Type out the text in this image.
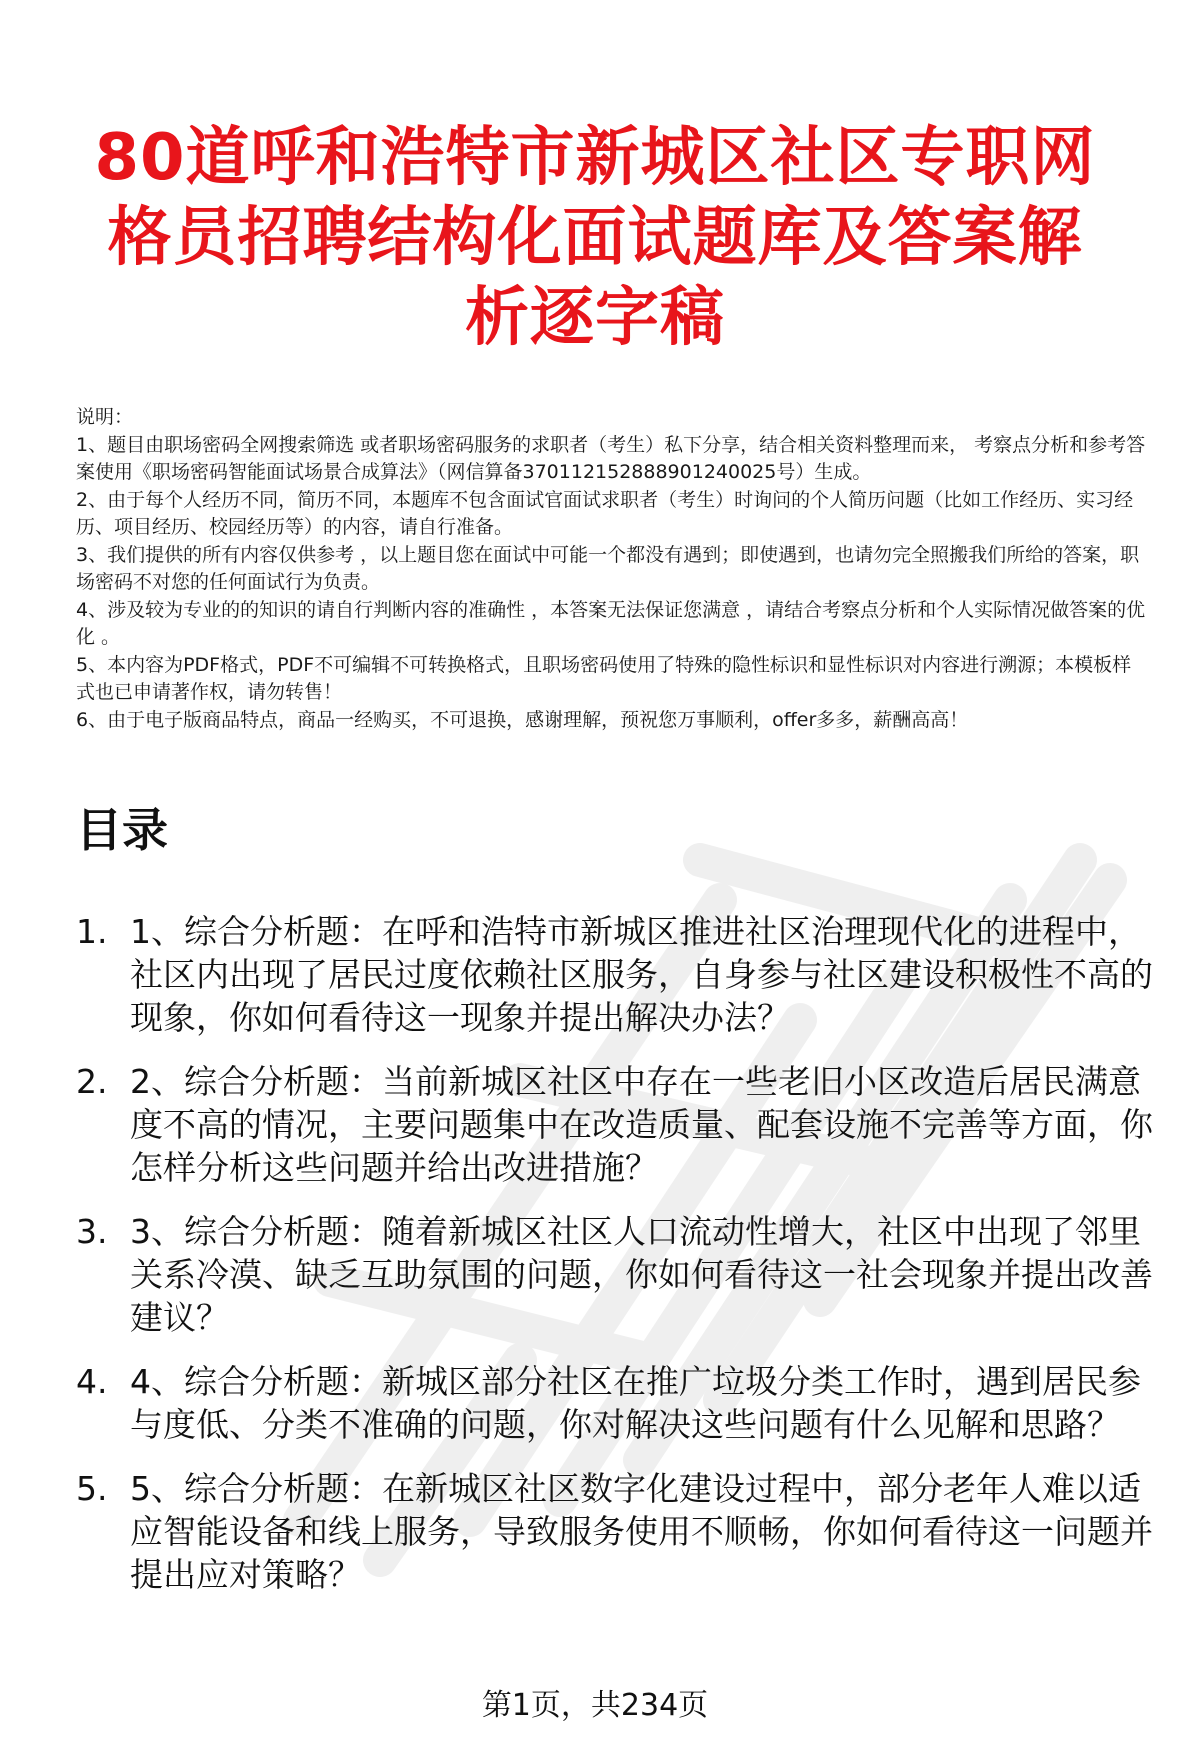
80道呼和浩特市新城区社区专职网格员招聘结构化面试题库及答案解析逐字稿

说明：

1、题目由职场密码全网搜索筛选 或者职场密码服务的求职者（考生）私下分享，结合相关资料整理而来， 考察点分析和参考答案使用《职场密码智能面试场景合成算法》（网信算备370112152888901240025号）生成。

2、由于每个人经历不同，简历不同，本题库不包含面试官面试求职者（考生）时询问的个人简历问题（比如工作经历、实习经历、项目经历、校园经历等）的内容，请自行准备。

3、我们提供的所有内容仅供参考 ，以上题目您在面试中可能一个都没有遇到；即使遇到，也请勿完全照搬我们所给的答案，职场密码不对您的任何面试行为负责。

4、涉及较为专业的的知识的请自行判断内容的准确性 ，本答案无法保证您满意 ，请结合考察点分析和个人实际情况做答案的优化 。

5、本内容为PDF格式，PDF不可编辑不可转换格式，且职场密码使用了特殊的隐性标识和显性标识对内容进行溯源；本模板样式也已申请著作权，请勿转售！

6、由于电子版商品特点，商品一经购买，不可退换，感谢理解，预祝您万事顺利，offer多多，薪酬高高！

目录
1. 1、综合分析题：在呼和浩特市新城区推进社区治理现代化的进程中，社区内出现了居民过度依赖社区服务，自身参与社区建设积极性不高的现象，你如何看待这一现象并提出解决办法？
2. 2、综合分析题：当前新城区社区中存在一些老旧小区改造后居民满意度不高的情况，主要问题集中在改造质量、配套设施不完善等方面，你怎样分析这些问题并给出改进措施？
3. 3、综合分析题：随着新城区社区人口流动性增大，社区中出现了邻里关系冷漠、缺乏互助氛围的问题，你如何看待这一社会现象并提出改善建议？
4. 4、综合分析题：新城区部分社区在推广垃圾分类工作时，遇到居民参与度低、分类不准确的问题，你对解决这些问题有什么见解和思路？
5. 5、综合分析题：在新城区社区数字化建设过程中，部分老年人难以适应智能设备和线上服务，导致服务使用不顺畅，你如何看待这一问题并提出应对策略？
第1页，共234页
